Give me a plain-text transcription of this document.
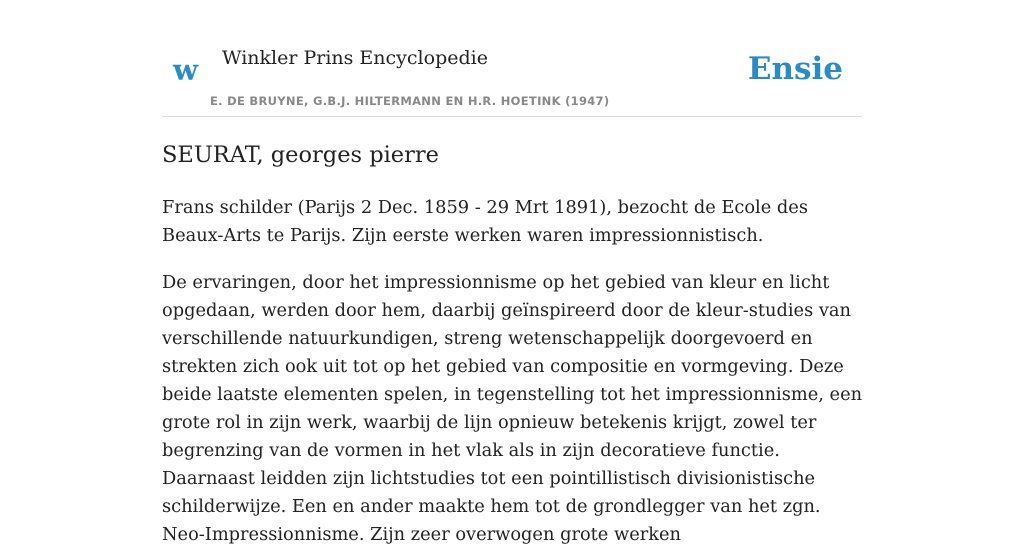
w Winkler Prins Encyclopedie
E. DE BRUYNE, G.B.J. HILTERMANN EN H.R. HOETINK (1947)
Ensie
SEURAT, georges pierre

Frans schilder (Parijs 2 Dec. 1859 - 29 Mrt 1891), bezocht de Ecole des Beaux-Arts te Parijs. Zijn eerste werken waren impressionnistisch.

De ervaringen, door het impressionnisme op het gebied van kleur en licht opgedaan, werden door hem, daarbij geïnspireerd door de kleur-studies van verschillende natuurkundigen, streng wetenschappelijk doorgevoerd en strekten zich ook uit tot op het gebied van compositie en vormgeving. Deze beide laatste elementen spelen, in tegenstelling tot het impressionnisme, een grote rol in zijn werk, waarbij de lijn opnieuw betekenis krijgt, zowel ter begrenzing van de vormen in het vlak als in zijn decoratieve functie. Daarnaast leidden zijn lichtstudies tot een pointillistisch divisionistische schilderwijze. Een en ander maakte hem tot de grondlegger van het zgn. Neo-Impressionnisme. Zijn zeer overwogen grote werken
